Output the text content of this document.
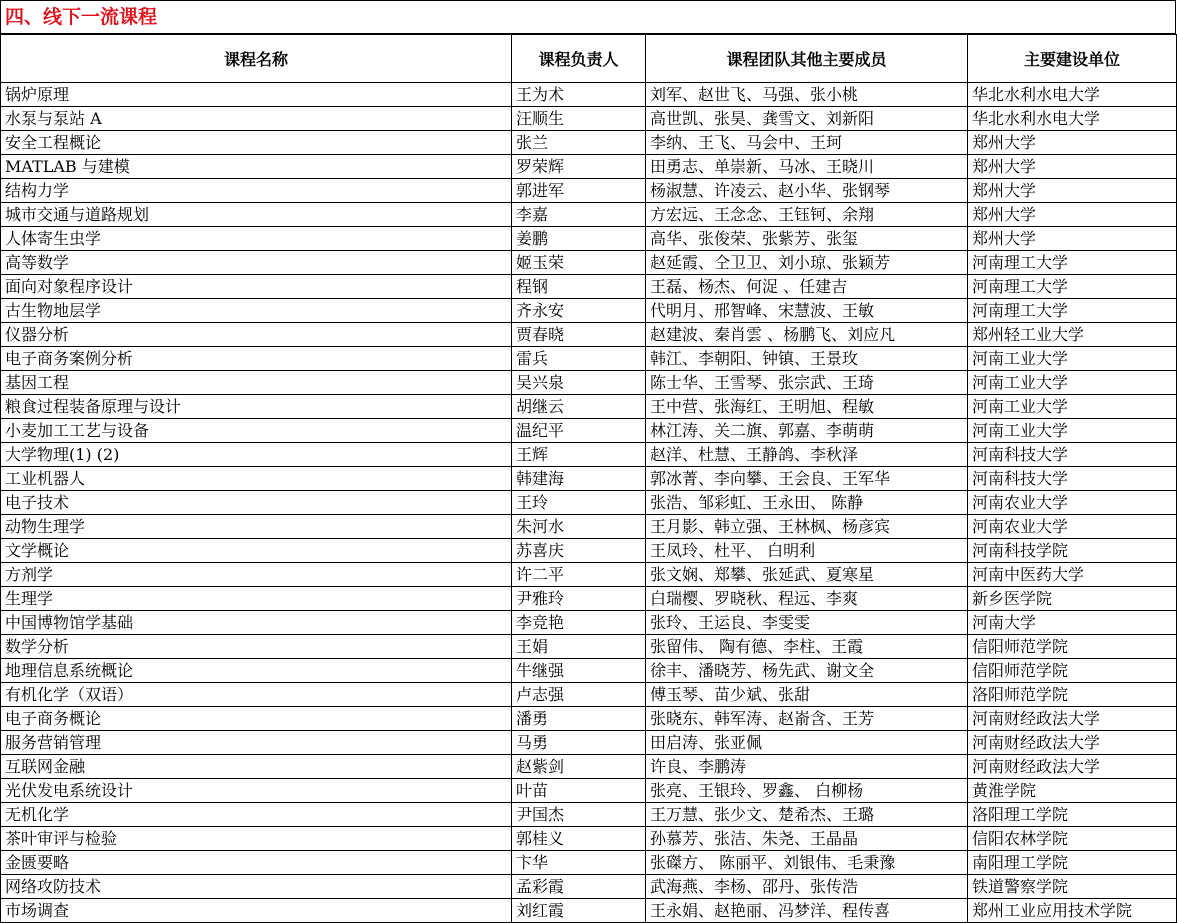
四、线下一流课程
课程名称	课程负责人	课程团队其他主要成员	主要建设单位
锅炉原理	王为术	刘军、赵世飞、马强、张小桃	华北水利水电大学
水泵与泵站 A	汪顺生	高世凯、张昊、龚雪文、刘新阳	华北水利水电大学
安全工程概论	张兰	李纳、王飞、马会中、王珂	郑州大学
MATLAB 与建模	罗荣辉	田勇志、单崇新、马冰、王晓川	郑州大学
结构力学	郭进军	杨淑慧、许凌云、赵小华、张钢琴	郑州大学
城市交通与道路规划	李嘉	方宏远、王念念、王钰钶、余翔	郑州大学
人体寄生虫学	姜鹏	高华、张俊荣、张紫芳、张玺	郑州大学
高等数学	姬玉荣	赵延霞、仝卫卫、刘小琼、张颖芳	河南理工大学
面向对象程序设计	程钢	王磊、杨杰、何浞 、任建吉	河南理工大学
古生物地层学	齐永安	代明月、邢智峰、宋慧波、王敏	河南理工大学
仪器分析	贾春晓	赵建波、秦肖雲 、杨鹏飞、刘应凡	郑州轻工业大学
电子商务案例分析	雷兵	韩江、李朝阳、钟镇、王景玫	河南工业大学
基因工程	吴兴泉	陈士华、王雪琴、张宗武、王琦	河南工业大学
粮食过程装备原理与设计	胡继云	王中营、张海红、王明旭、程敏	河南工业大学
小麦加工工艺与设备	温纪平	林江涛、关二旗、郭嘉、李萌萌	河南工业大学
大学物理(1) (2)	王辉	赵洋、杜慧、王静鸽、李秋泽	河南科技大学
工业机器人	韩建海	郭冰菁、李向攀、王会良、王军华	河南科技大学
电子技术	王玲	张浩、邹彩虹、王永田、 陈静	河南农业大学
动物生理学	朱河水	王月影、韩立强、王林枫、杨彦宾	河南农业大学
文学概论	苏喜庆	王凤玲、杜平、 白明利	河南科技学院
方剂学	许二平	张文娴、郑攀、张延武、夏寒星	河南中医药大学
生理学	尹雅玲	白瑞樱、罗晓秋、程远、李爽	新乡医学院
中国博物馆学基础	李竞艳	张玲、王运良、李雯雯	河南大学
数学分析	王娟	张留伟、 陶有德、李柱、王霞	信阳师范学院
地理信息系统概论	牛继强	徐丰、潘晓芳、杨先武、谢文全	信阳师范学院
有机化学（双语）	卢志强	傅玉琴、苗少斌、张甜	洛阳师范学院
电子商务概论	潘勇	张晓东、韩军涛、赵嵛含、王芳	河南财经政法大学
服务营销管理	马勇	田启涛、张亚佩	河南财经政法大学
互联网金融	赵紫剑	许良、李鹏涛	河南财经政法大学
光伏发电系统设计	叶苗	张亮、王银玲、罗鑫、 白柳杨	黄淮学院
无机化学	尹国杰	王万慧、张少文、楚希杰、王璐	洛阳理工学院
茶叶审评与检验	郭桂义	孙慕芳、张洁、朱尧、王晶晶	信阳农林学院
金匮要略	卞华	张磔方、 陈丽平、刘银伟、毛秉豫	南阳理工学院
网络攻防技术	孟彩霞	武海燕、李杨、邵丹、张传浩	铁道警察学院
市场调查	刘红霞	王永娟、赵艳丽、冯梦洋、程传喜	郑州工业应用技术学院
